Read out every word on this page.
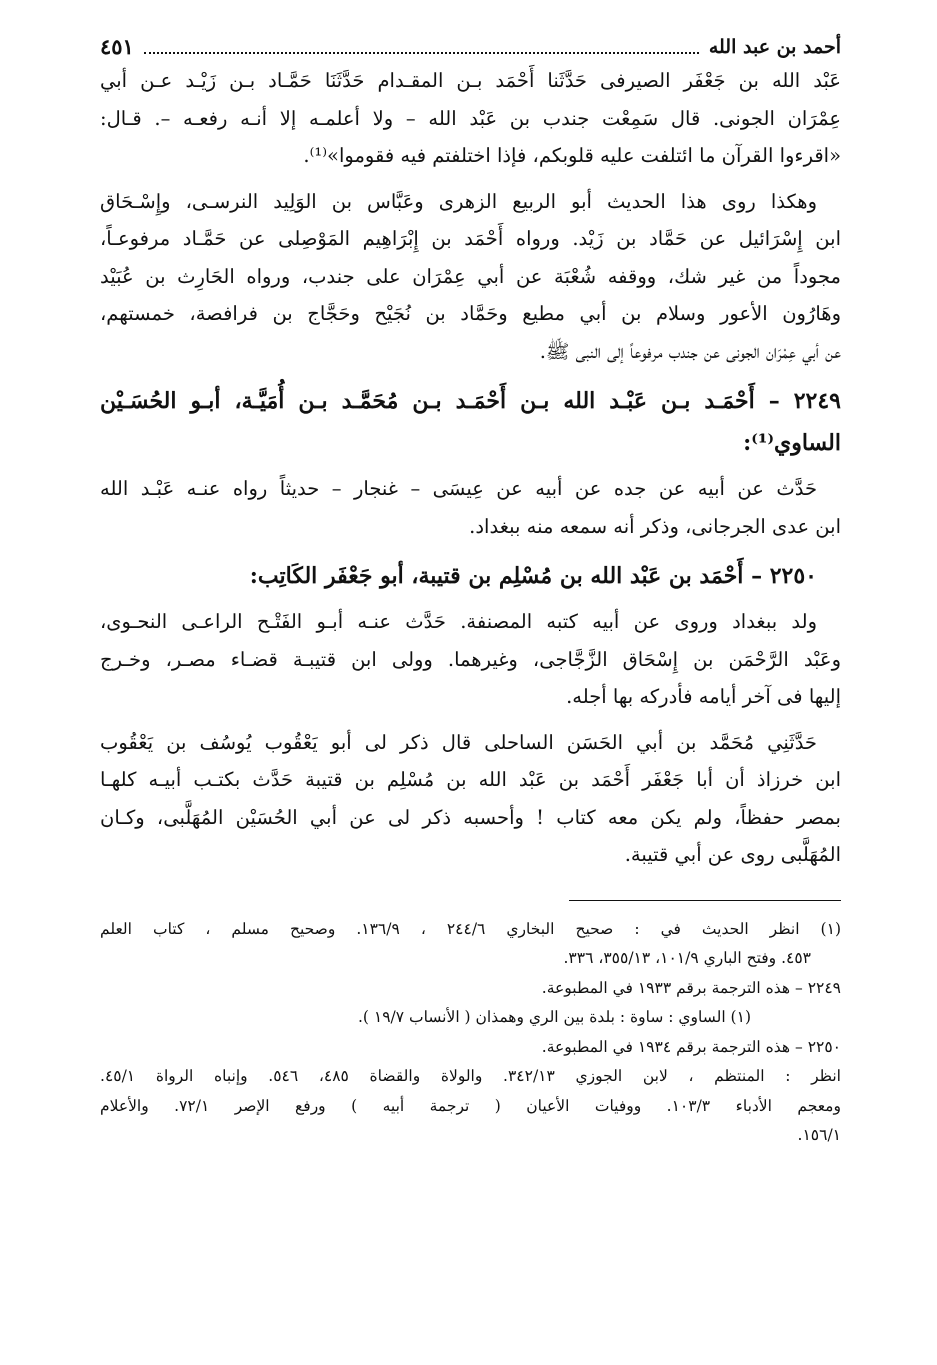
أحمد بن عبد الله
٤٥١

عَبْد الله بن جَعْفَر الصيرفى حَدَّثَنا أَحْمَد بـن المقـدام حَدَّثَنَا حَمَّـاد بـن زَيْـد عـن أبي
عِمْرَان الجونى. قال سَمِعْت جندب بن عَبْد الله – ولا أعلمـه إلا أنـه رفعـه –. قـال:
«اقرءوا القرآن ما ائتلفت عليه قلوبكم، فإذا اختلفتم فيه فقوموا»⁽¹⁾.

وهكذا روى هذا الحديث أبو الربيع الزهرى وعَبَّاس بن الوَلِيد النرسـى، وإِسْـحَاق
ابن إِسْرَائيل عن حَمَّاد بن زَيْد. ورواه أَحْمَد بن إِبْرَاهِيم المَوْصِلى عن حَمَّـاد مرفوعـاً،
مجوداً من غير شك، ووقفه شُعْبَة عن أبي عِمْرَان على جندب، ورواه الحَارِث بن عُبَيْد
وهَارُون الأعور وسلام بن أبي مطيع وحَمَّاد بن نُجَيْح وحَجَّاج بن فرافصة، خمستهم،
عن أبي عِمْرَان الجونى عن جندب مرفوعاً إلى النبى ﷺ.

٢٢٤٩ – أَحْمَـد بـن عَبْـد الله بـن أَحْمَـد بـن مُحَمَّـد بـن أُمَيَّـة، أبـو الحُسَـيْن
الساوي⁽¹⁾:

حَدَّث عن أبيه عن جده عن أبيه عن عِيسَى – غنجار – حديثاً رواه عنـه عَبْـد الله
ابن عدى الجرجانى، وذكر أنه سمعه منه ببغداد.

٢٢٥٠ – أَحْمَد بن عَبْد الله بن مُسْلِم بن قتيبة، أبو جَعْفَر الكَاتِب:

ولد ببغداد وروى عن أبيه كتبه المصنفة. حَدَّث عنـه أبـو الفَتْـح الراعـى النحـوى،
وعَبْد الرَّحْمَن بن إِسْحَاق الزَّجَّاجى، وغيرهما. وولى ابن قتيبـة قضـاء مصـر، وخـرج
إليها فى آخر أيامه فأدركه بها أجله.

حَدَّثَنِي مُحَمَّد بن أبي الحَسَن الساحلى قال ذكر لى أبو يَعْقُوب يُوسُف بن يَعْقُوب
ابن خرزاذ أن أبا جَعْفَر أَحْمَد بن عَبْد الله بن مُسْلِم بن قتيبة حَدَّث بكتـب أبيـه كلهـا
بمصر حفظاً، ولم يكن معه كتاب ! وأحسبه ذكر لى عن أبي الحُسَيْن المُهَلَّبى، وكـان
المُهَلَّبى روى عن أبي قتيبة.

(١) انظر الحديث في : صحيح البخاري ٢٤٤/٦ ، ١٣٦/٩. وصحيح مسلم ، كتاب العلم
٤٥٣. وفتح الباري ١٠١/٩، ٣٥٥/١٣، ٣٣٦.
٢٢٤٩ – هذه الترجمة برقم ١٩٣٣ في المطبوعة.
(١) الساوي : ساوة : بلدة بين الري وهمذان ( الأنساب ١٩/٧ ).
٢٢٥٠ – هذه الترجمة برقم ١٩٣٤ في المطبوعة.
انظر : المنتظم ، لابن الجوزي ٣٤٢/١٣. والولاة والقضاة ٤٨٥، ٥٤٦. وإنباه الرواة ٤٥/١.
ومعجم الأدباء ١٠٣/٣. ووفيات الأعيان ( ترجمة أبيه ) ورفع الإصر ٧٢/١. والأعلام
١٥٦/١.
